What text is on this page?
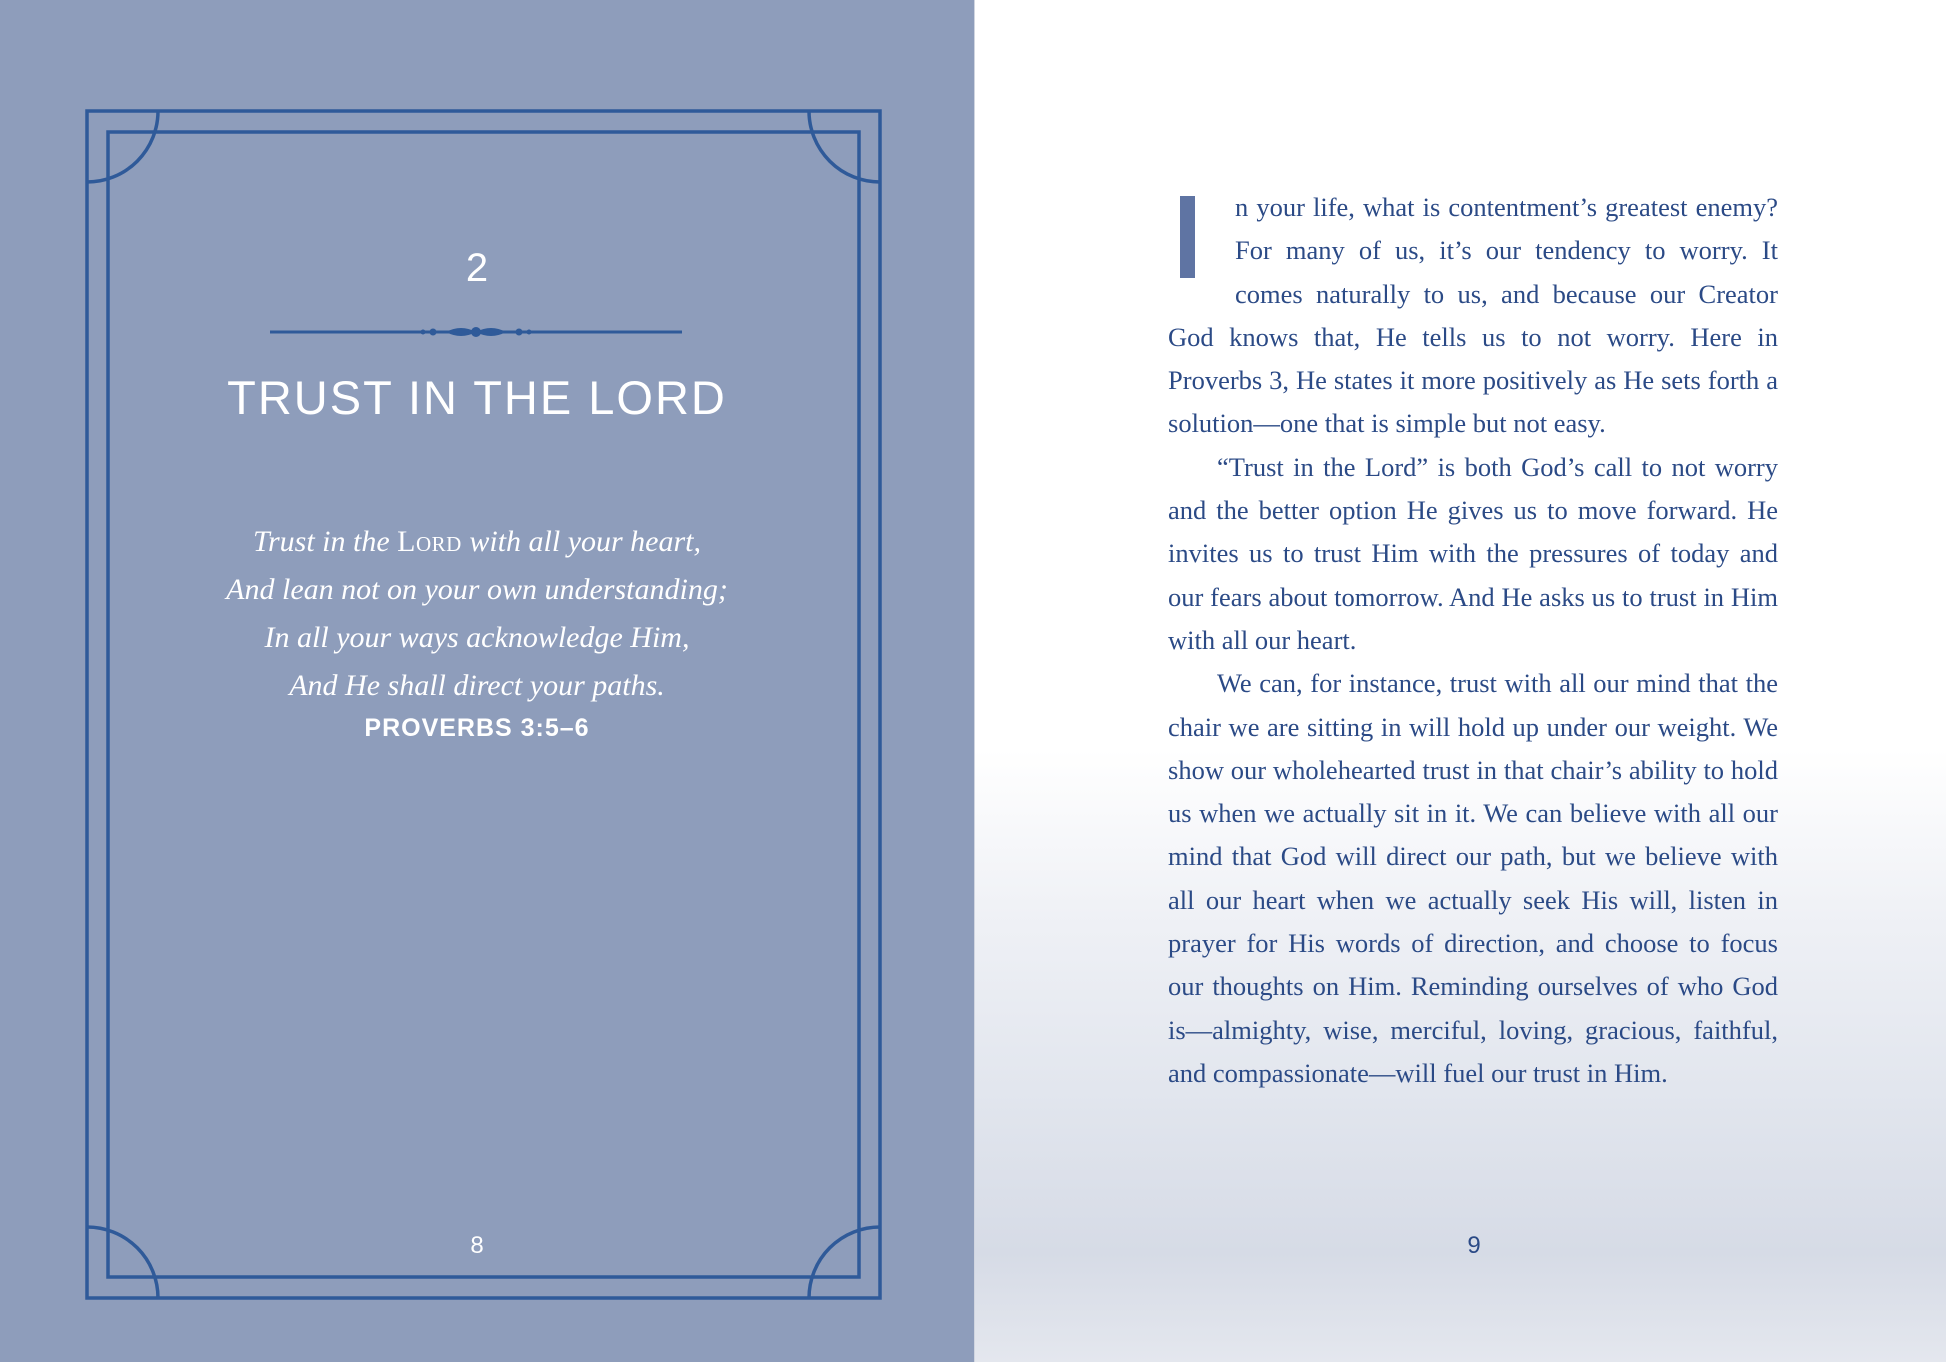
2
TRUST IN THE LORD
Trust in the Lord with all your heart,
And lean not on your own understanding;
In all your ways acknowledge Him,
And He shall direct your paths.
PROVERBS 3:5–6
8

n your life, what is contentment’s greatest enemy? For many of us, it’s our tendency to worry. It comes naturally to us, and because our Creator God knows that, He tells us to not worry. Here in Proverbs 3, He states it more positively as He sets forth a solution—one that is simple but not easy.

“Trust in the Lord” is both God’s call to not worry and the better option He gives us to move forward. He invites us to trust Him with the pressures of today and our fears about tomorrow. And He asks us to trust in Him with all our heart.

We can, for instance, trust with all our mind that the chair we are sitting in will hold up under our weight. We show our wholehearted trust in that chair’s ability to hold us when we actually sit in it. We can believe with all our mind that God will direct our path, but we believe with all our heart when we actually seek His will, listen in prayer for His words of direction, and choose to focus our thoughts on Him. Reminding ourselves of who God is—almighty, wise, merciful, loving, gracious, faithful, and compassionate—will fuel our trust in Him.

9
